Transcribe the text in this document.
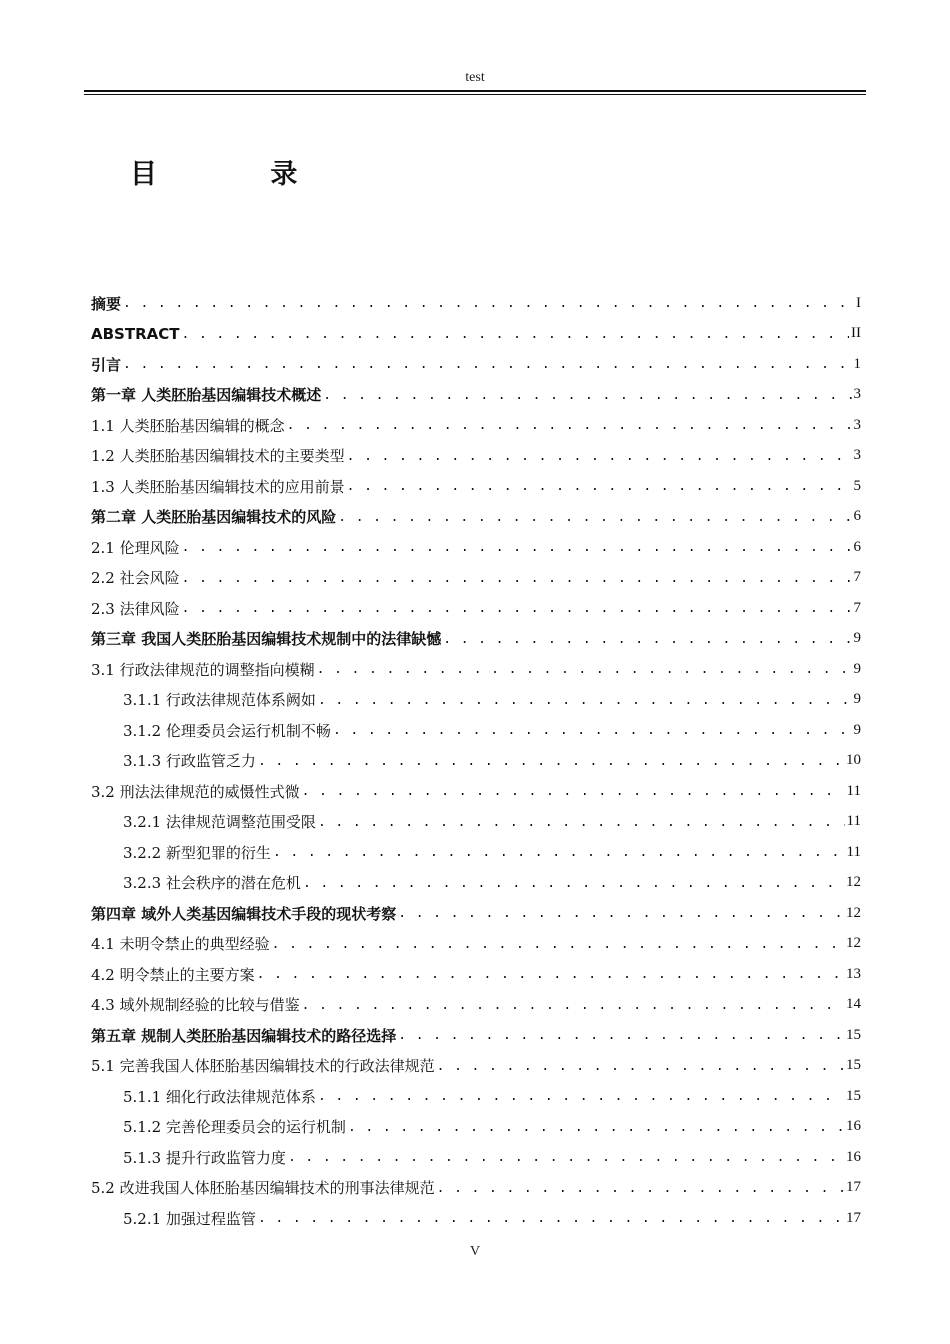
test
目 录
摘要 . . .	I
ABSTRACT . . .	II
引言 . . .	1
第一章 人类胚胎基因编辑技术概述 . . .	3
1.1 人类胚胎基因编辑的概念 . . .	3
1.2 人类胚胎基因编辑技术的主要类型 . . .	3
1.3 人类胚胎基因编辑技术的应用前景 . . .	5
第二章 人类胚胎基因编辑技术的风险 . . .	6
2.1 伦理风险 . . .	6
2.2 社会风险 . . .	7
2.3 法律风险 . . .	7
第三章 我国人类胚胎基因编辑技术规制中的法律缺憾 . . .	9
3.1 行政法律规范的调整指向模糊 . . .	9
3.1.1 行政法律规范体系阙如 . . .	9
3.1.2 伦理委员会运行机制不畅 . . .	9
3.1.3 行政监管乏力 . . .	10
3.2 刑法法律规范的威慑性式微 . . .	11
3.2.1 法律规范调整范围受限 . . .	11
3.2.2 新型犯罪的衍生 . . .	11
3.2.3 社会秩序的潜在危机 . . .	12
第四章 域外人类基因编辑技术手段的现状考察 . . .	12
4.1 未明令禁止的典型经验 . . .	12
4.2 明令禁止的主要方案 . . .	13
4.3 域外规制经验的比较与借鉴 . . .	14
第五章 规制人类胚胎基因编辑技术的路径选择 . . .	15
5.1 完善我国人体胚胎基因编辑技术的行政法律规范 . . .	15
5.1.1 细化行政法律规范体系 . . .	15
5.1.2 完善伦理委员会的运行机制 . . .	16
5.1.3 提升行政监管力度 . . .	16
5.2 改进我国人体胚胎基因编辑技术的刑事法律规范 . . .	17
5.2.1 加强过程监管 . . .	17
V
